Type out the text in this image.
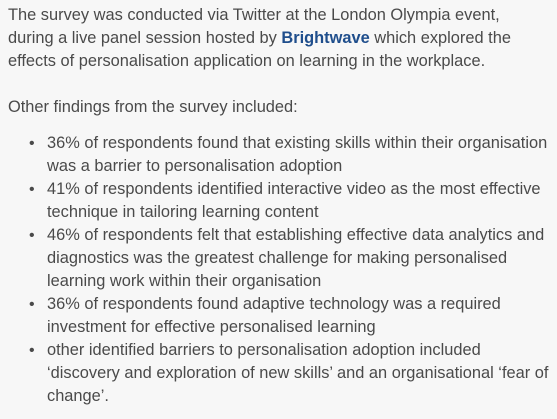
The survey was conducted via Twitter at the London Olympia event, during a live panel session hosted by Brightwave which explored the effects of personalisation application on learning in the workplace.

Other findings from the survey included:

• 36% of respondents found that existing skills within their organisation was a barrier to personalisation adoption
• 41% of respondents identified interactive video as the most effective technique in tailoring learning content
• 46% of respondents felt that establishing effective data analytics and diagnostics was the greatest challenge for making personalised learning work within their organisation
• 36% of respondents found adaptive technology was a required investment for effective personalised learning
• other identified barriers to personalisation adoption included ‘discovery and exploration of new skills’ and an organisational ‘fear of change’.
